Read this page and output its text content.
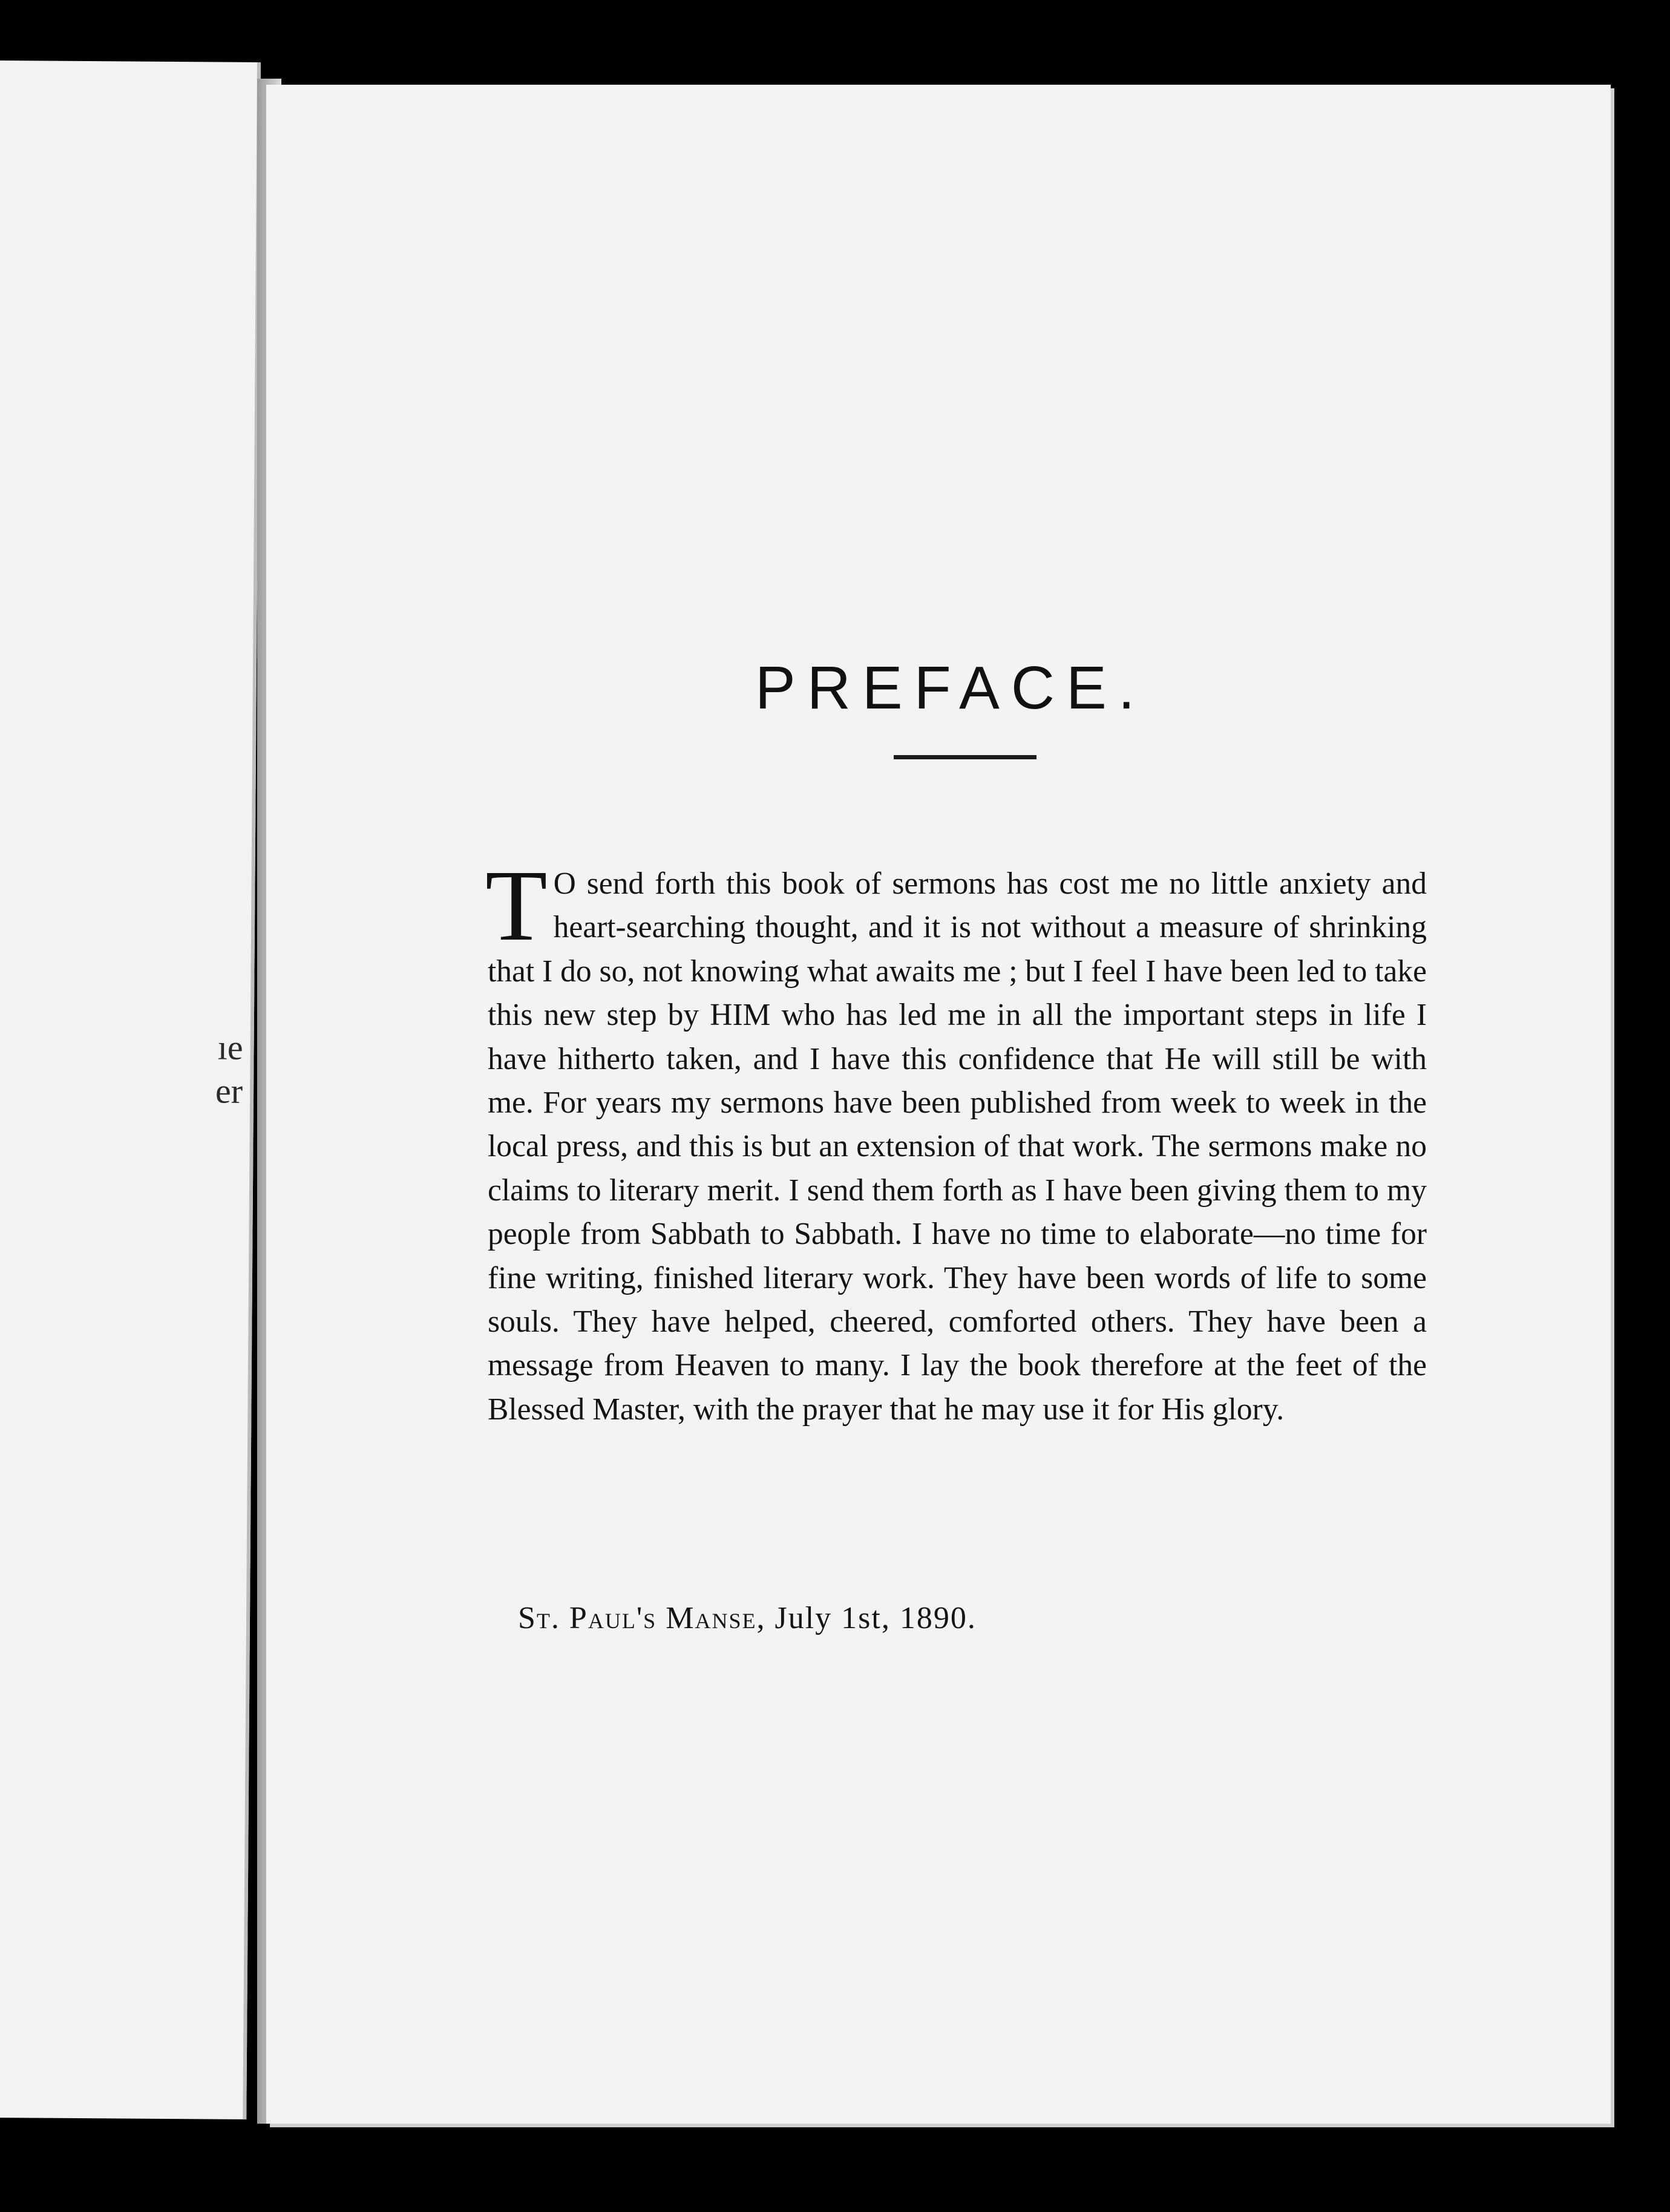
ıe
er
PREFACE.

T O send forth this book of sermons has cost me no little anxiety and heart-searching thought, and it is not without a measure of shrinking that I do so, not knowing what awaits me ; but I feel I have been led to take this new step by HIM who has led me in all the important steps in life I have hitherto taken, and I have this confidence that He will still be with me. For years my sermons have been published from week to week in the local press, and this is but an extension of that work. The sermons make no claims to literary merit. I send them forth as I have been giving them to my people from Sabbath to Sabbath. I have no time to elaborate—no time for fine writing, finished literary work. They have been words of life to some souls. They have helped, cheered, comforted others. They have been a message from Heaven to many. I lay the book therefore at the feet of the Blessed Master, with the prayer that he may use it for His glory.

St. Paul's Manse, July 1st, 1890.
